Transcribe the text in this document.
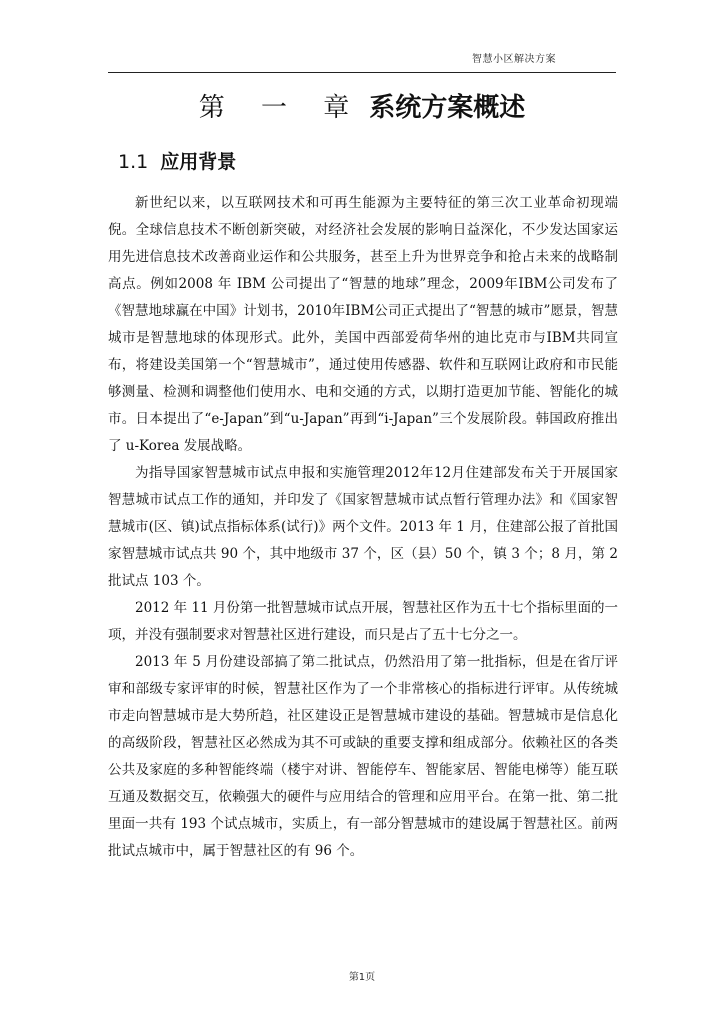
智慧小区解决方案
第 一 章 系统方案概述
1.1 应用背景

新世纪以来，以互联网技术和可再生能源为主要特征的第三次工业革命初现端倪。全球信息技术不断创新突破，对经济社会发展的影响日益深化，不少发达国家运用先进信息技术改善商业运作和公共服务，甚至上升为世界竞争和抢占未来的战略制高点。例如2008 年 IBM 公司提出了“智慧的地球”理念，2009年IBM公司发布了《智慧地球赢在中国》计划书，2010年IBM公司正式提出了“智慧的城市”愿景，智慧城市是智慧地球的体现形式。此外，美国中西部爱荷华州的迪比克市与IBM共同宣布，将建设美国第一个“智慧城市”，通过使用传感器、软件和互联网让政府和市民能够测量、检测和调整他们使用水、电和交通的方式，以期打造更加节能、智能化的城市。日本提出了“e-Japan”到“u-Japan”再到“i-Japan”三个发展阶段。韩国政府推出了 u-Korea 发展战略。

为指导国家智慧城市试点申报和实施管理2012年12月住建部发布关于开展国家智慧城市试点工作的通知，并印发了《国家智慧城市试点暂行管理办法》和《国家智慧城市(区、镇)试点指标体系(试行)》两个文件。2013 年 1 月，住建部公报了首批国家智慧城市试点共 90 个，其中地级市 37 个，区（县）50 个，镇 3 个；8 月，第 2 批试点 103 个。

2012 年 11 月份第一批智慧城市试点开展，智慧社区作为五十七个指标里面的一项，并没有强制要求对智慧社区进行建设，而只是占了五十七分之一。

2013 年 5 月份建设部搞了第二批试点，仍然沿用了第一批指标，但是在省厅评审和部级专家评审的时候，智慧社区作为了一个非常核心的指标进行评审。从传统城市走向智慧城市是大势所趋，社区建设正是智慧城市建设的基础。智慧城市是信息化的高级阶段，智慧社区必然成为其不可或缺的重要支撑和组成部分。依赖社区的各类公共及家庭的多种智能终端（楼宇对讲、智能停车、智能家居、智能电梯等）能互联互通及数据交互，依赖强大的硬件与应用结合的管理和应用平台。在第一批、第二批里面一共有 193 个试点城市，实质上，有一部分智慧城市的建设属于智慧社区。前两批试点城市中，属于智慧社区的有 96 个。

第1页
